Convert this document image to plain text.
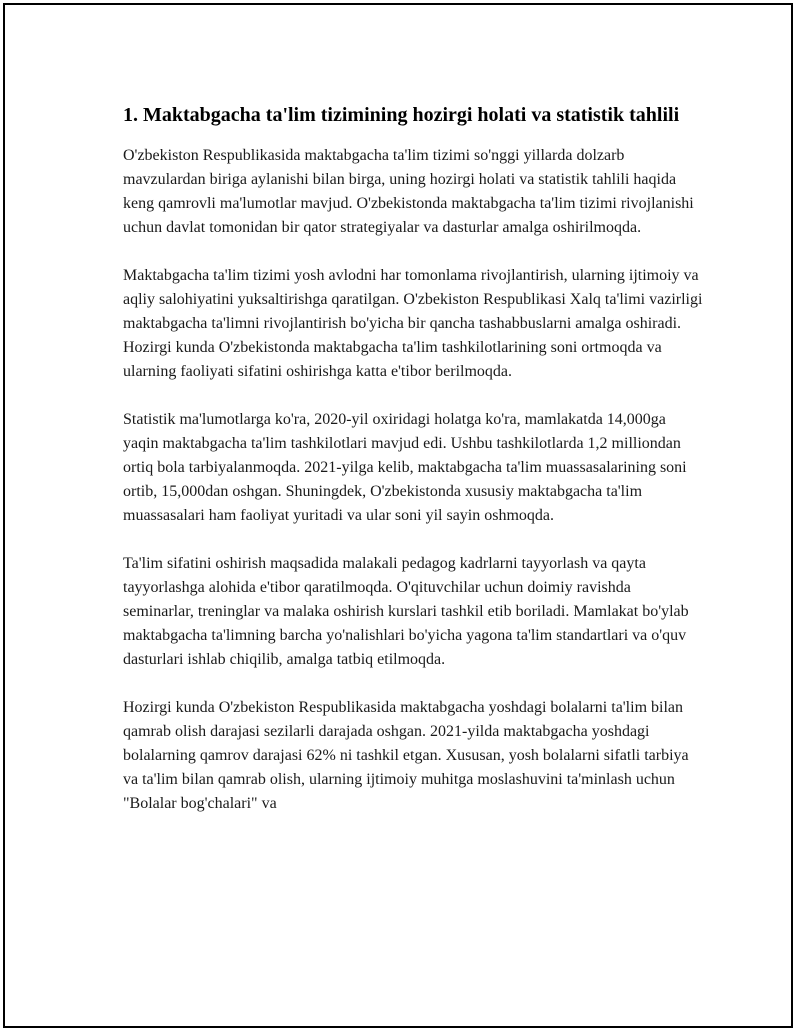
1. Maktabgacha ta'lim tizimining hozirgi holati va statistik tahlili

O'zbekiston Respublikasida maktabgacha ta'lim tizimi so'nggi yillarda dolzarb mavzulardan biriga aylanishi bilan birga, uning hozirgi holati va statistik tahlili haqida keng qamrovli ma'lumotlar mavjud. O'zbekistonda maktabgacha ta'lim tizimi rivojlanishi uchun davlat tomonidan bir qator strategiyalar va dasturlar amalga oshirilmoqda.

Maktabgacha ta'lim tizimi yosh avlodni har tomonlama rivojlantirish, ularning ijtimoiy va aqliy salohiyatini yuksaltirishga qaratilgan. O'zbekiston Respublikasi Xalq ta'limi vazirligi maktabgacha ta'limni rivojlantirish bo'yicha bir qancha tashabbuslarni amalga oshiradi. Hozirgi kunda O'zbekistonda maktabgacha ta'lim tashkilotlarining soni ortmoqda va ularning faoliyati sifatini oshirishga katta e'tibor berilmoqda.

Statistik ma'lumotlarga ko'ra, 2020-yil oxiridagi holatga ko'ra, mamlakatda 14,000ga yaqin maktabgacha ta'lim tashkilotlari mavjud edi. Ushbu tashkilotlarda 1,2 milliondan ortiq bola tarbiyalanmoqda. 2021-yilga kelib, maktabgacha ta'lim muassasalarining soni ortib, 15,000dan oshgan. Shuningdek, O'zbekistonda xususiy maktabgacha ta'lim muassasalari ham faoliyat yuritadi va ular soni yil sayin oshmoqda.

Ta'lim sifatini oshirish maqsadida malakali pedagog kadrlarni tayyorlash va qayta tayyorlashga alohida e'tibor qaratilmoqda. O'qituvchilar uchun doimiy ravishda seminarlar, treninglar va malaka oshirish kurslari tashkil etib boriladi. Mamlakat bo'ylab maktabgacha ta'limning barcha yo'nalishlari bo'yicha yagona ta'lim standartlari va o'quv dasturlari ishlab chiqilib, amalga tatbiq etilmoqda.

Hozirgi kunda O'zbekiston Respublikasida maktabgacha yoshdagi bolalarni ta'lim bilan qamrab olish darajasi sezilarli darajada oshgan. 2021-yilda maktabgacha yoshdagi bolalarning qamrov darajasi 62% ni tashkil etgan. Xususan, yosh bolalarni sifatli tarbiya va ta'lim bilan qamrab olish, ularning ijtimoiy muhitga moslashuvini ta'minlash uchun "Bolalar bog'chalari" va
